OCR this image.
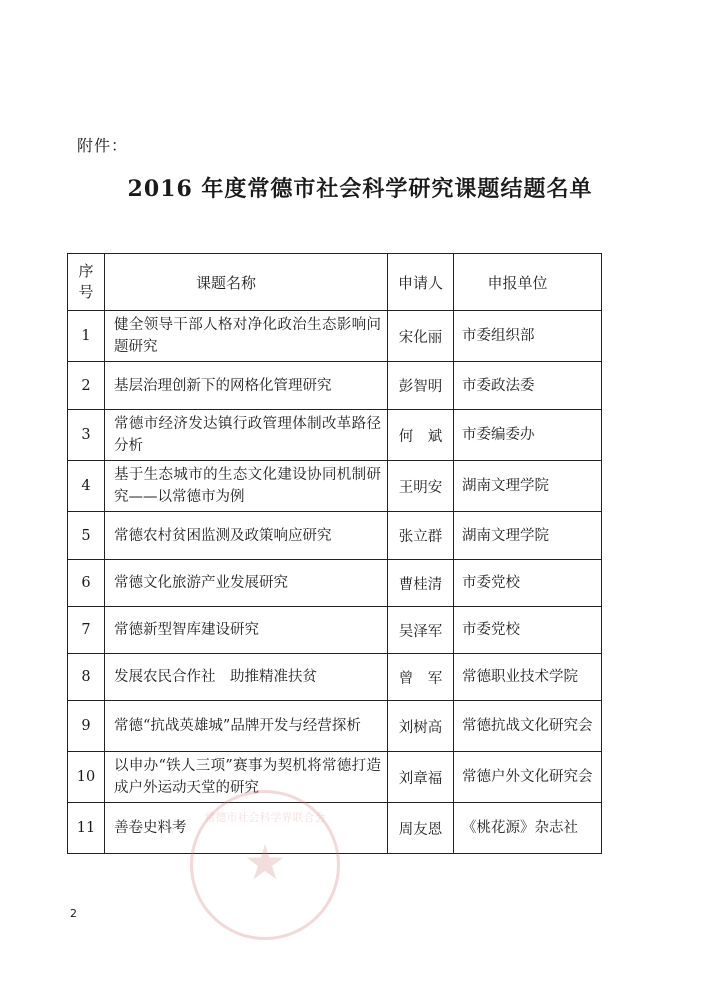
附件：
2016 年度常德市社会科学研究课题结题名单
序
号	课题名称	申请人	申报单位
1	健全领导干部人格对净化政治生态影响问题研究	宋化丽	市委组织部
2	基层治理创新下的网格化管理研究	彭智明	市委政法委
3	常德市经济发达镇行政管理体制改革路径分析	何　斌	市委编委办
4	基于生态城市的生态文化建设协同机制研究——以常德市为例	王明安	湖南文理学院
5	常德农村贫困监测及政策响应研究	张立群	湖南文理学院
6	常德文化旅游产业发展研究	曹桂清	市委党校
7	常德新型智库建设研究	吴泽军	市委党校
8	发展农民合作社　助推精准扶贫	曾　军	常德职业技术学院
9	常德“抗战英雄城”品牌开发与经营探析	刘树高	常德抗战文化研究会
10	以申办“铁人三项”赛事为契机将常德打造成户外运动天堂的研究	刘章福	常德户外文化研究会
11	善卷史料考	周友恩	《桃花源》杂志社
常德市社会科学界联合会
★
2
